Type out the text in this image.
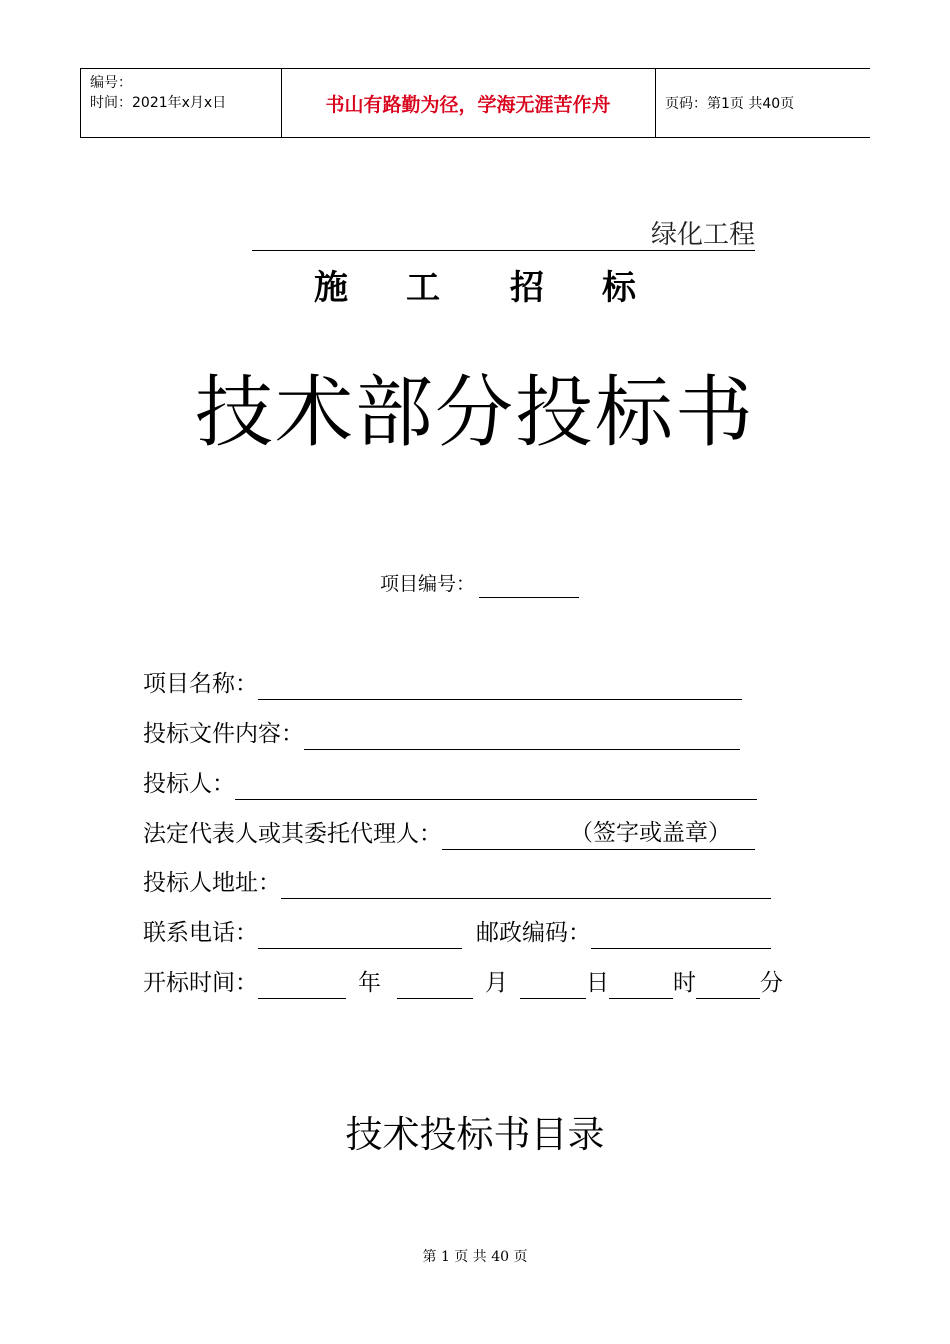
编号：
时间：2021年x月x日	书山有路勤为径，学海无涯苦作舟	页码：第1页 共40页
绿化工程
施 工 招 标
技术部分投标书
项目编号：
项目名称：
投标文件内容：
投标人：
法定代表人或其委托代理人：	（签字或盖章）
投标人地址：
联系电话：	邮政编码：
开标时间：	年	月	日	时	分
技术投标书目录
第 1 页 共 40 页
